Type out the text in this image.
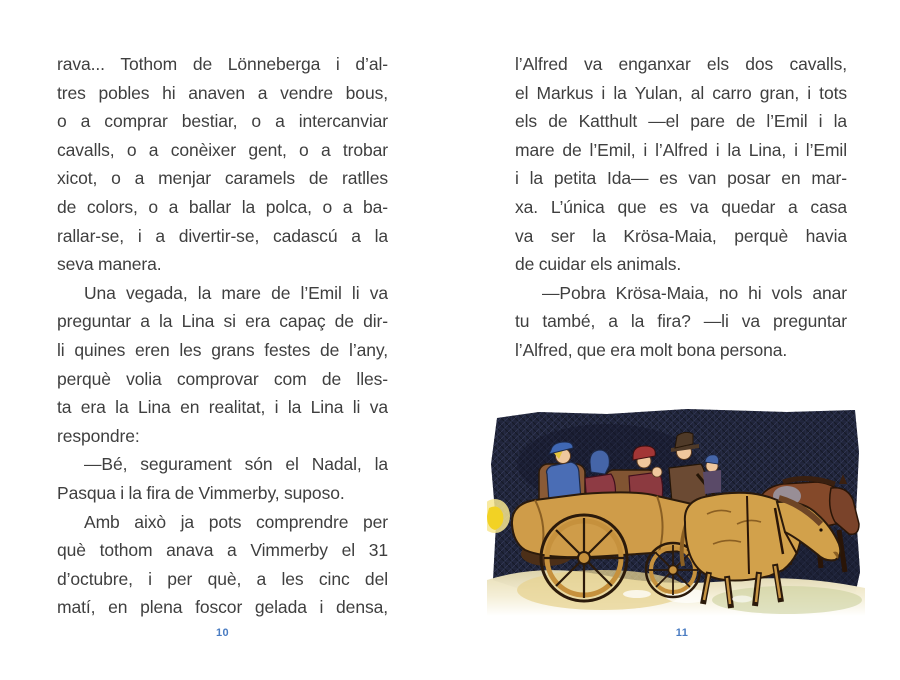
rava... Tothom de Lönneberga i d’al-
tres pobles hi anaven a vendre bous,
o a comprar bestiar, o a intercanviar
cavalls, o a conèixer gent, o a trobar
xicot, o a menjar caramels de ratlles
de colors, o a ballar la polca, o a ba-
rallar-se, i a divertir-se, cadascú a la
seva manera.
Una vegada, la mare de l’Emil li va
preguntar a la Lina si era capaç de dir-
li quines eren les grans festes de l’any,
perquè volia comprovar com de lles-
ta era la Lina en realitat, i la Lina li va
respondre:
—Bé, segurament són el Nadal, la
Pasqua i la fira de Vimmerby, suposo.
Amb això ja pots comprendre per
què tothom anava a Vimmerby el 31
d’octubre, i per què, a les cinc del
matí, en plena foscor gelada i densa,
l’Alfred va enganxar els dos cavalls,
el Markus i la Yulan, al carro gran, i tots
els de Katthult —el pare de l’Emil i la
mare de l’Emil, i l’Alfred i la Lina, i l’Emil
i la petita Ida— es van posar en mar-
xa. L’única que es va quedar a casa
va ser la Krösa-Maia, perquè havia
de cuidar els animals.
—Pobra Krösa-Maia, no hi vols anar
tu també, a la fira? —li va preguntar
l’Alfred, que era molt bona persona.
10	11
